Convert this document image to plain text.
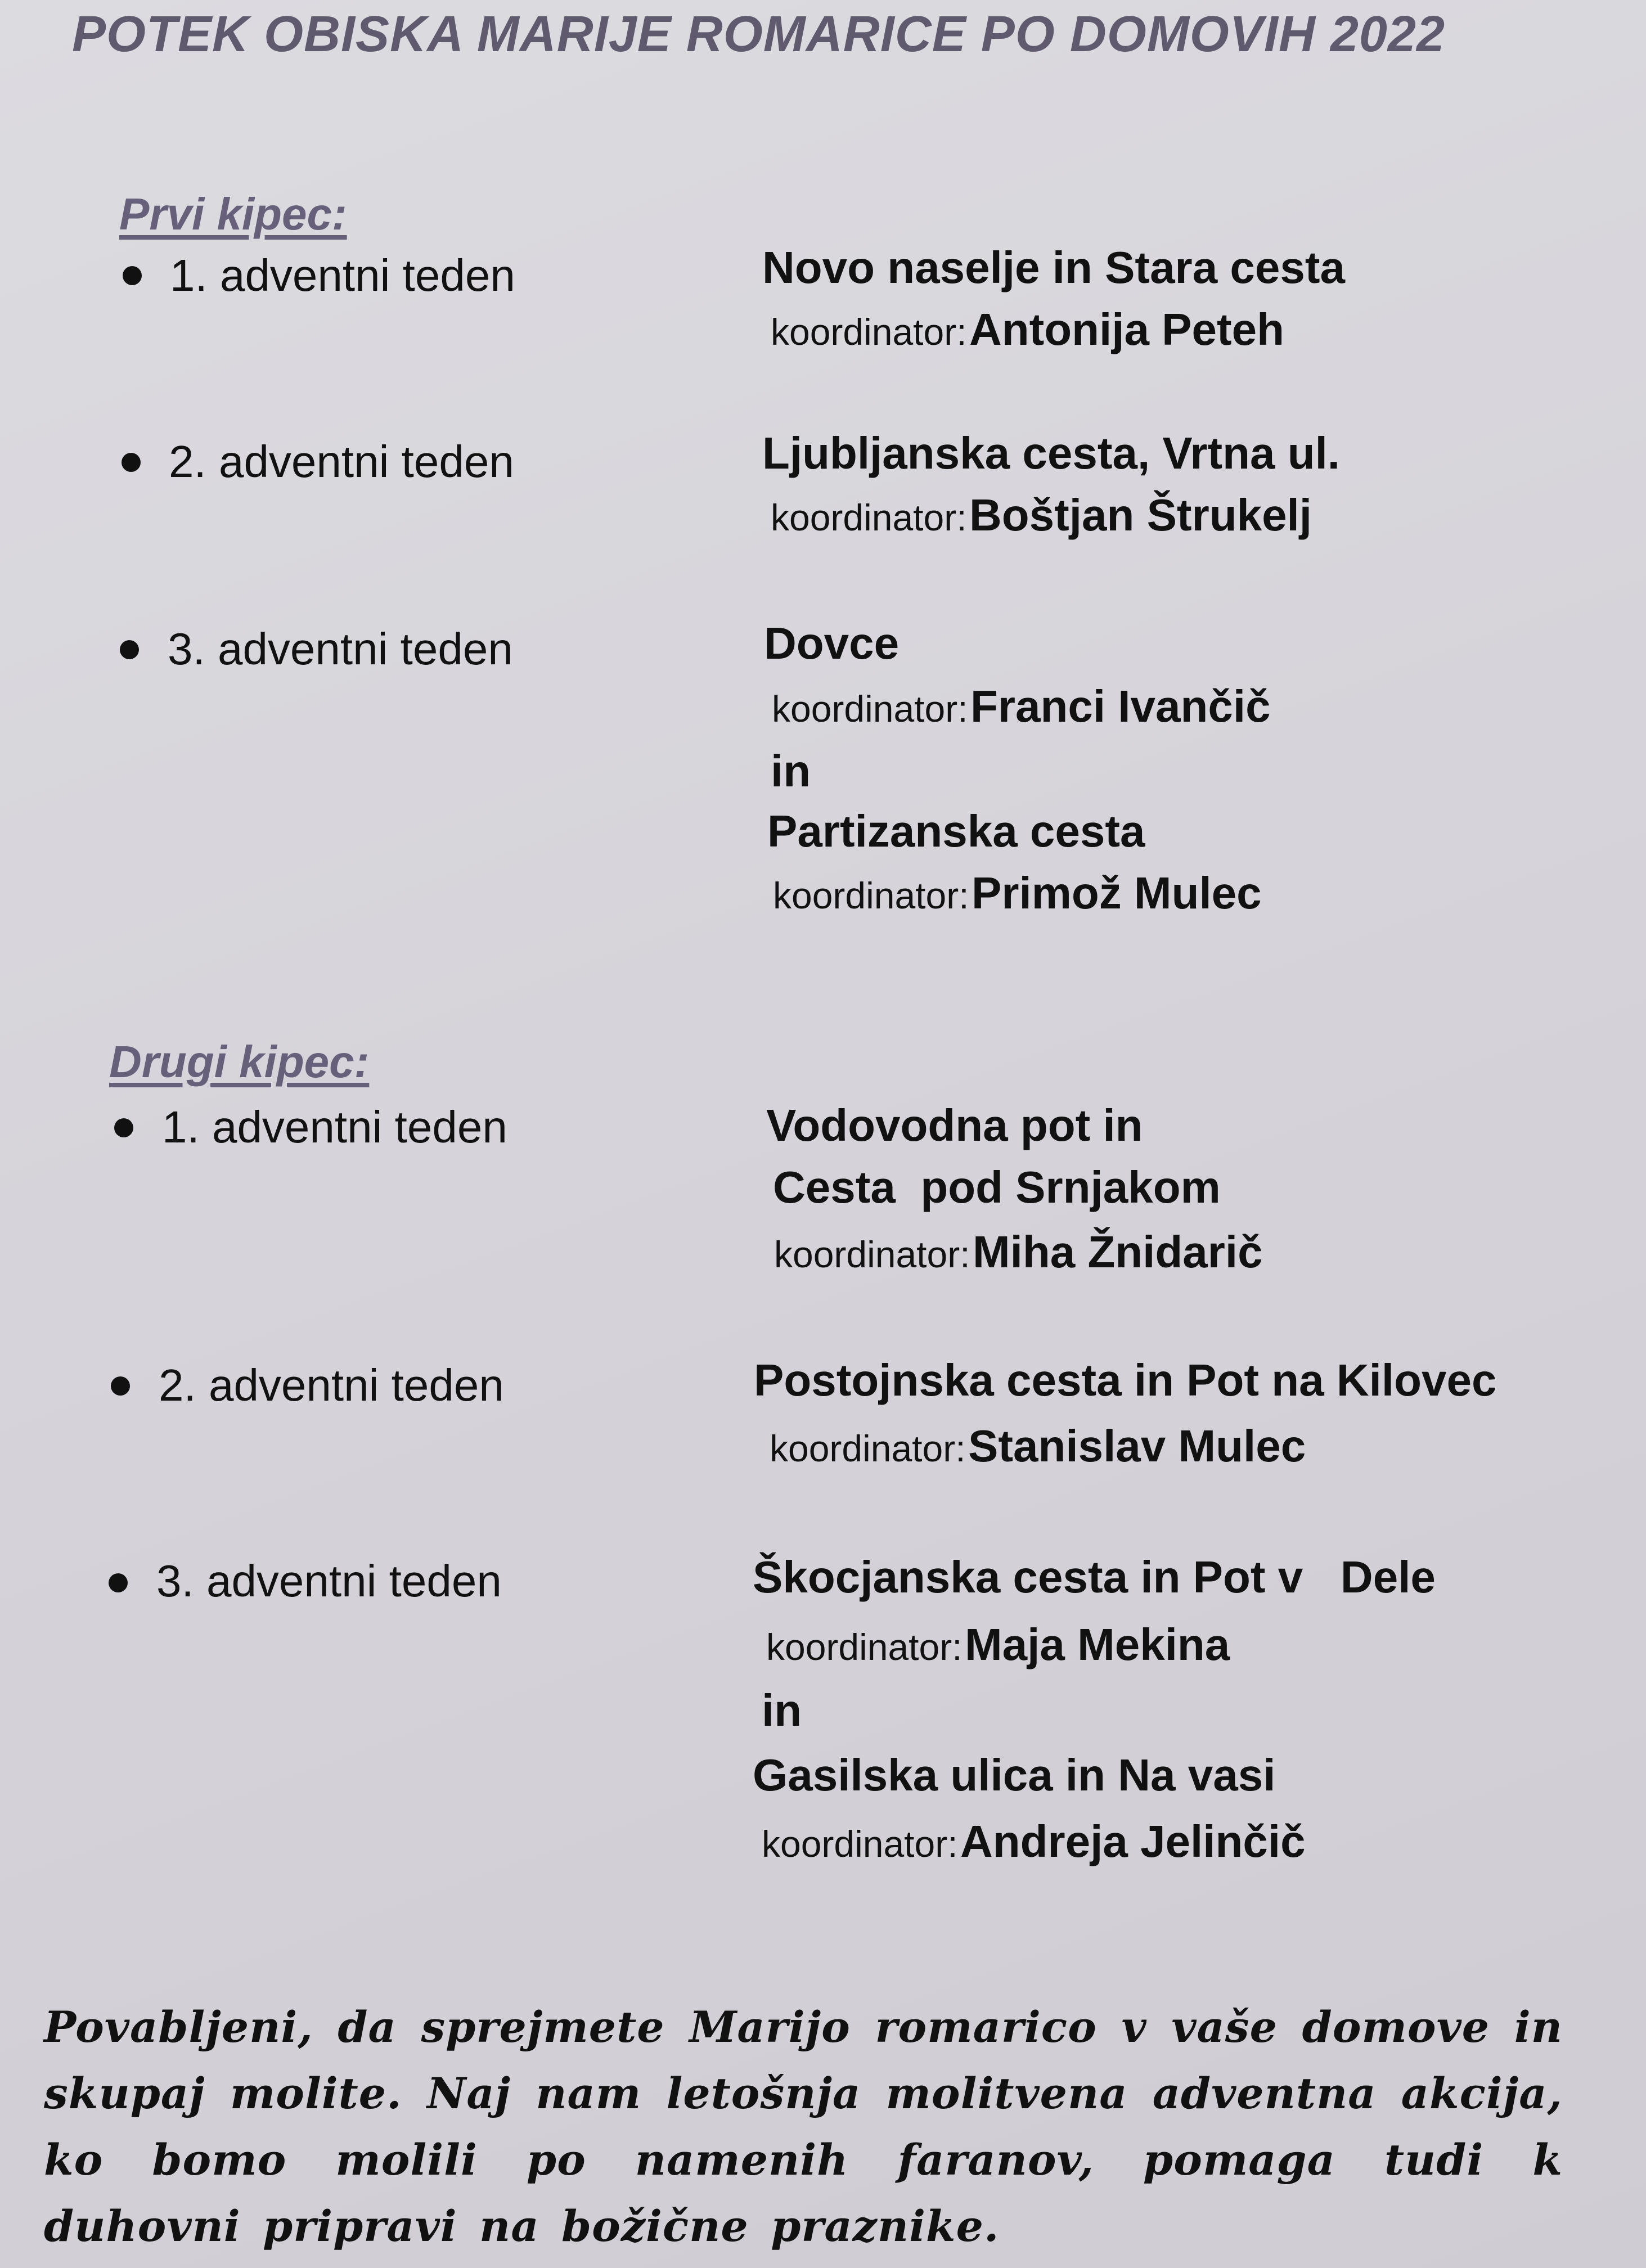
POTEK OBISKA MARIJE ROMARICE PO DOMOVIH 2022
Prvi kipec:
1. adventni teden	Novo naselje in Stara cesta
koordinator: Antonija Peteh
2. adventni teden	Ljubljanska cesta, Vrtna ul.
koordinator: Boštjan Štrukelj
3. adventni teden	Dovce
koordinator: Franci Ivančič
in
Partizanska cesta
koordinator: Primož Mulec
Drugi kipec:
1. adventni teden	Vodovodna pot in
Cesta  pod Srnjakom
koordinator: Miha Žnidarič
2. adventni teden	Postojnska cesta in Pot na Kilovec
koordinator: Stanislav Mulec
3. adventni teden	Škocjanska cesta in Pot v   Dele
koordinator: Maja Mekina
in
Gasilska ulica in Na vasi
koordinator: Andreja Jelinčič
Povabljeni, da sprejmete Marijo romarico v vaše domove in skupaj molite. Naj nam letošnja molitvena adventna akcija, ko bomo molili po namenih faranov, pomaga tudi k duhovni pripravi na božične praznike.
